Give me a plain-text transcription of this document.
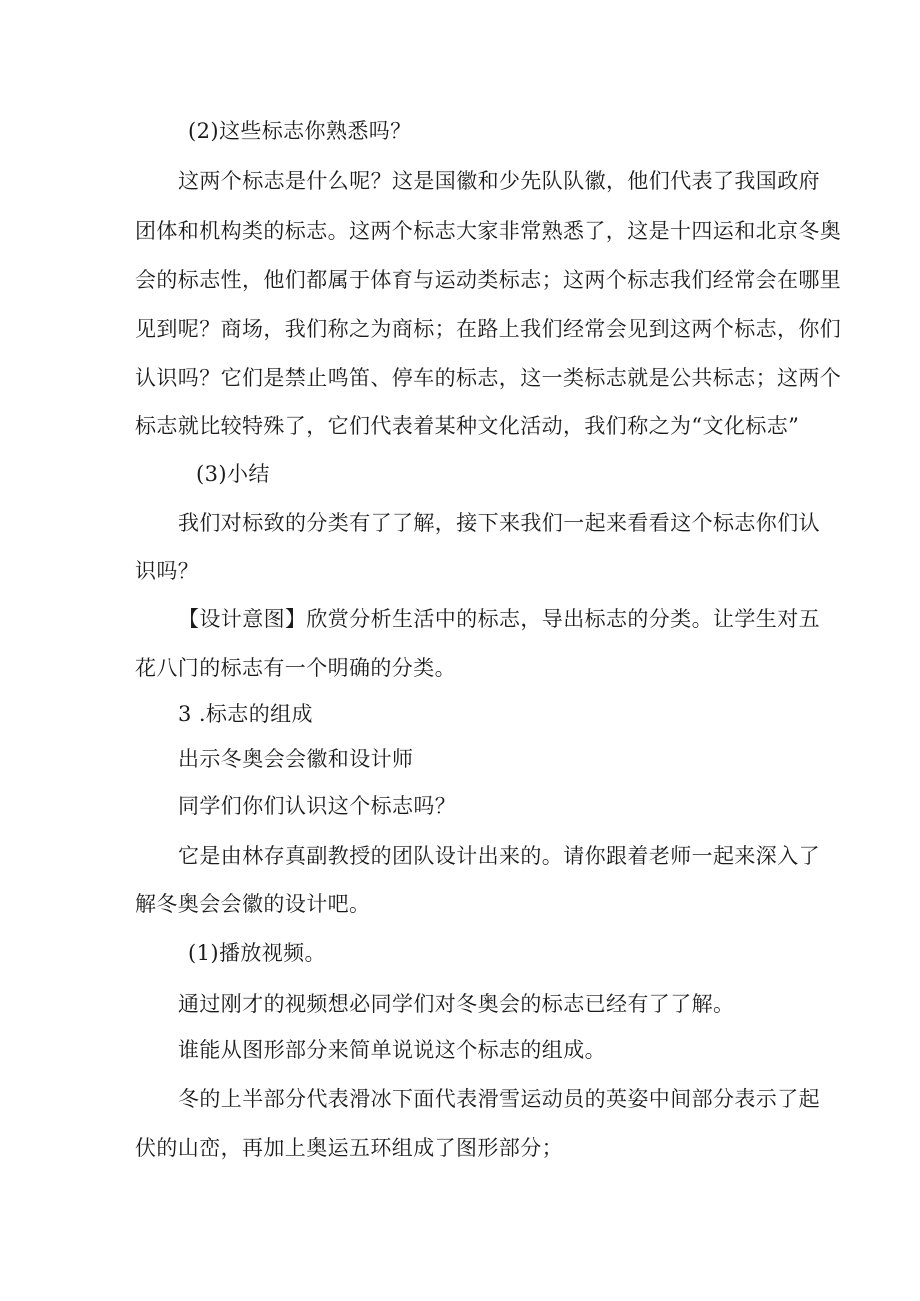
(2)这些标志你熟悉吗？
这两个标志是什么呢？这是国徽和少先队队徽，他们代表了我国政府
团体和机构类的标志。这两个标志大家非常熟悉了，这是十四运和北京冬奥
会的标志性，他们都属于体育与运动类标志；这两个标志我们经常会在哪里
见到呢？商场，我们称之为商标；在路上我们经常会见到这两个标志，你们
认识吗？它们是禁止鸣笛、停车的标志，这一类标志就是公共标志；这两个
标志就比较特殊了，它们代表着某种文化活动，我们称之为“文化标志”
(3)小结
我们对标致的分类有了了解，接下来我们一起来看看这个标志你们认
识吗？
【设计意图】欣赏分析生活中的标志，导出标志的分类。让学生对五
花八门的标志有一个明确的分类。
3 .标志的组成
出示冬奥会会徽和设计师
同学们你们认识这个标志吗？
它是由林存真副教授的团队设计出来的。请你跟着老师一起来深入了
解冬奥会会徽的设计吧。
(1)播放视频。
通过刚才的视频想必同学们对冬奥会的标志已经有了了解。
谁能从图形部分来简单说说这个标志的组成。
冬的上半部分代表滑冰下面代表滑雪运动员的英姿中间部分表示了起
伏的山峦，再加上奥运五环组成了图形部分；
